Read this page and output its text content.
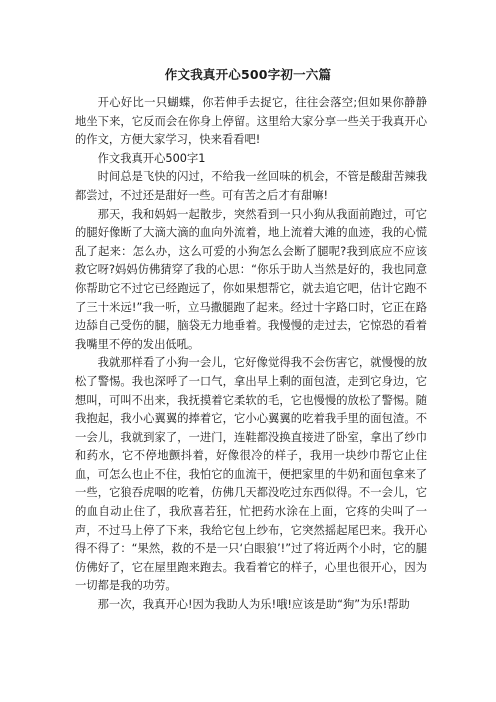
作文我真开心500字初一六篇

开心好比一只蝴蝶，你若伸手去捉它，往往会落空;但如果你静静地坐下来，它反而会在你身上停留。这里给大家分享一些关于我真开心的作文，方便大家学习，快来看看吧!

作文我真开心500字1

时间总是飞快的闪过，不给我一丝回味的机会，不管是酸甜苦辣我都尝过，不过还是甜好一些。可有苦之后才有甜嘛!

那天，我和妈妈一起散步，突然看到一只小狗从我面前跑过，可它的腿好像断了大滴大滴的血向外流着，地上流着大滩的血迹，我的心慌乱了起来：怎么办，这么可爱的小狗怎么会断了腿呢?我到底应不应该救它呀?妈妈仿佛猜穿了我的心思：“你乐于助人当然是好的，我也同意你帮助它不过它已经跑远了，你如果想帮它，就去追它吧，估计它跑不了三十米远!”我一听，立马撒腿跑了起来。经过十字路口时，它正在路边舔自己受伤的腿，脑袋无力地垂着。我慢慢的走过去，它惊恐的看着我嘴里不停的发出低吼。

我就那样看了小狗一会儿，它好像觉得我不会伤害它，就慢慢的放松了警惕。我也深呼了一口气，拿出早上剩的面包渣，走到它身边，它想叫，可叫不出来，我抚摸着它柔软的毛，它也慢慢的放松了警惕。随我抱起，我小心翼翼的捧着它，它小心翼翼的吃着我手里的面包渣。不一会儿，我就到家了，一进门，连鞋都没换直接进了卧室，拿出了纱巾和药水，它不停地颤抖着，好像很冷的样子，我用一块纱巾帮它止住血，可怎么也止不住，我怕它的血流干，便把家里的牛奶和面包拿来了一些，它狼吞虎咽的吃着，仿佛几天都没吃过东西似得。不一会儿，它的血自动止住了，我欣喜若狂，忙把药水涂在上面，它疼的尖叫了一声，不过马上停了下来，我给它包上纱布，它突然摇起尾巴来。我开心得不得了：“果然，救的不是一只‘白眼狼’!”过了将近两个小时，它的腿仿佛好了，它在屋里跑来跑去。我看着它的样子，心里也很开心，因为一切都是我的功劳。

那一次，我真开心!因为我助人为乐!哦!应该是助“狗”为乐!帮助
